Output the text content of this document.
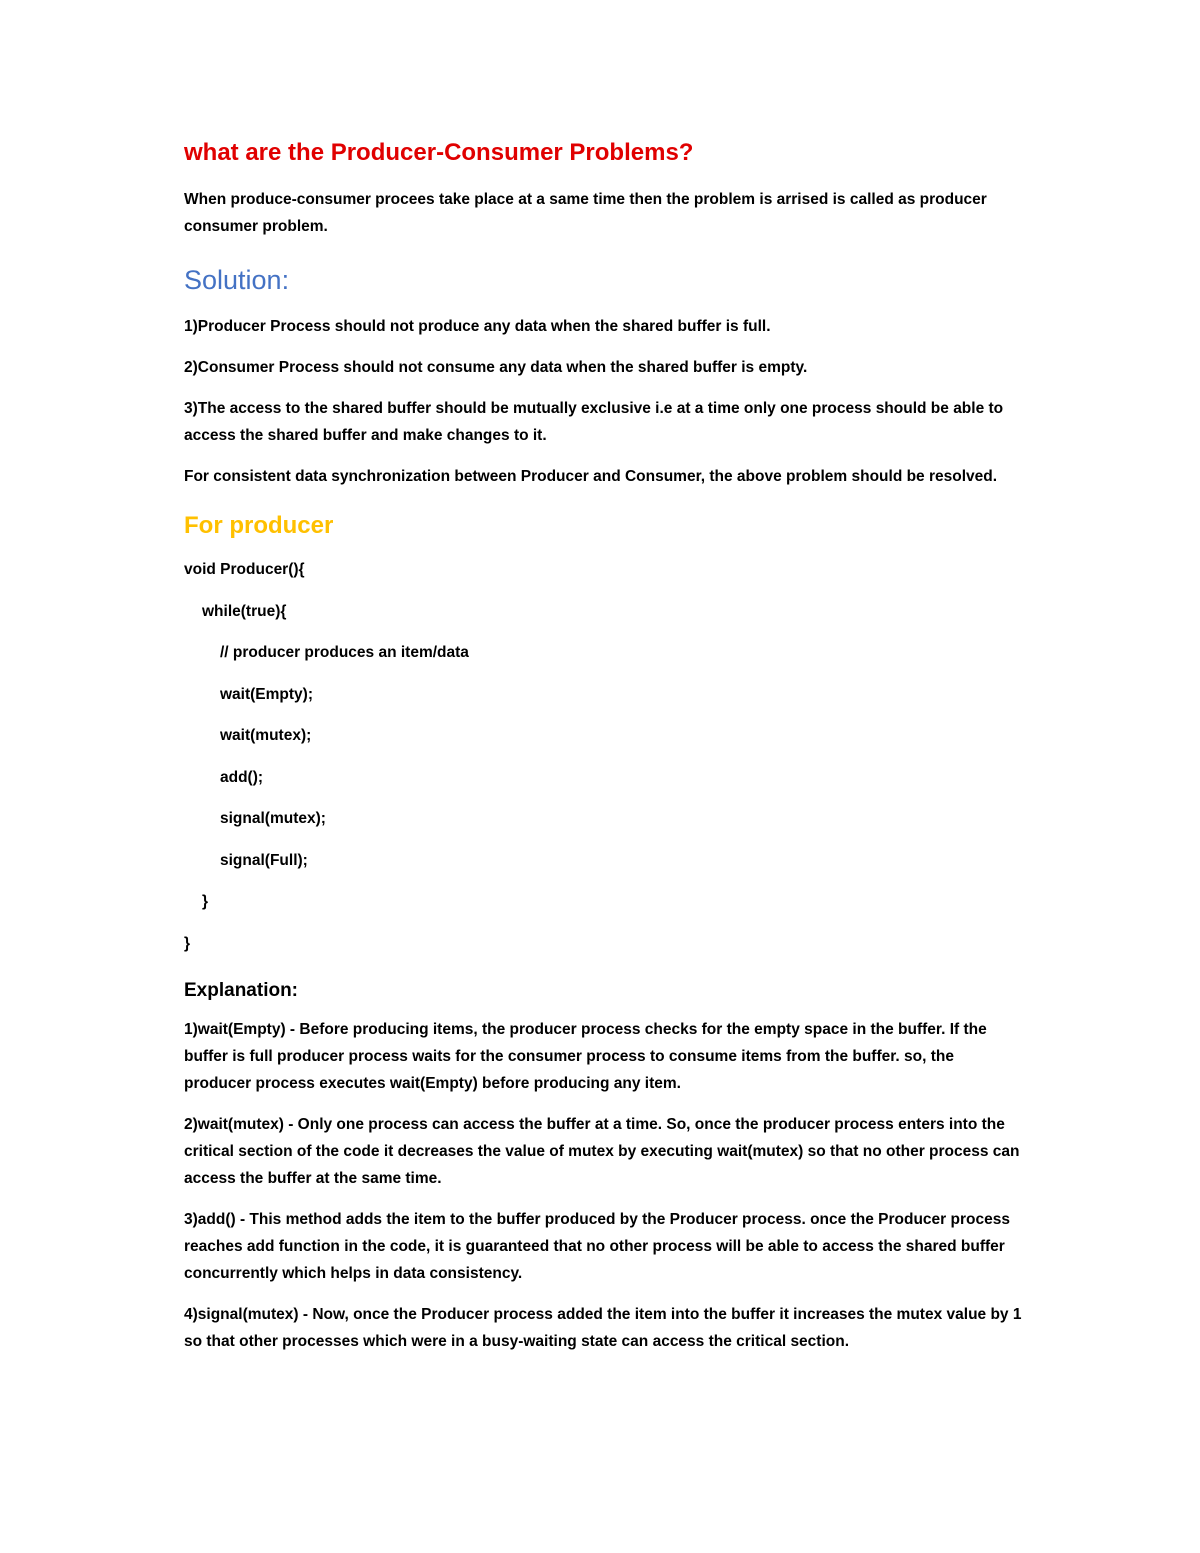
what are the Producer-Consumer Problems?

When produce-consumer procees take place at a same time then the problem is arrised is called as producer consumer problem.

Solution:

1)Producer Process should not produce any data when the shared buffer is full.

2)Consumer Process should not consume any data when the shared buffer is empty.

3)The access to the shared buffer should be mutually exclusive i.e at a time only one process should be able to access the shared buffer and make changes to it.

For consistent data synchronization between Producer and Consumer, the above problem should be resolved.

For producer

void Producer(){

while(true){

// producer produces an item/data

wait(Empty);

wait(mutex);

add();

signal(mutex);

signal(Full);

}

}

Explanation:

1)wait(Empty) - Before producing items, the producer process checks for the empty space in the buffer. If the buffer is full producer process waits for the consumer process to consume items from the buffer. so, the producer process executes wait(Empty) before producing any item.

2)wait(mutex) - Only one process can access the buffer at a time. So, once the producer process enters into the critical section of the code it decreases the value of mutex by executing wait(mutex) so that no other process can access the buffer at the same time.

3)add() - This method adds the item to the buffer produced by the Producer process. once the Producer process reaches add function in the code, it is guaranteed that no other process will be able to access the shared buffer concurrently which helps in data consistency.

4)signal(mutex) - Now, once the Producer process added the item into the buffer it increases the mutex value by 1 so that other processes which were in a busy-waiting state can access the critical section.
